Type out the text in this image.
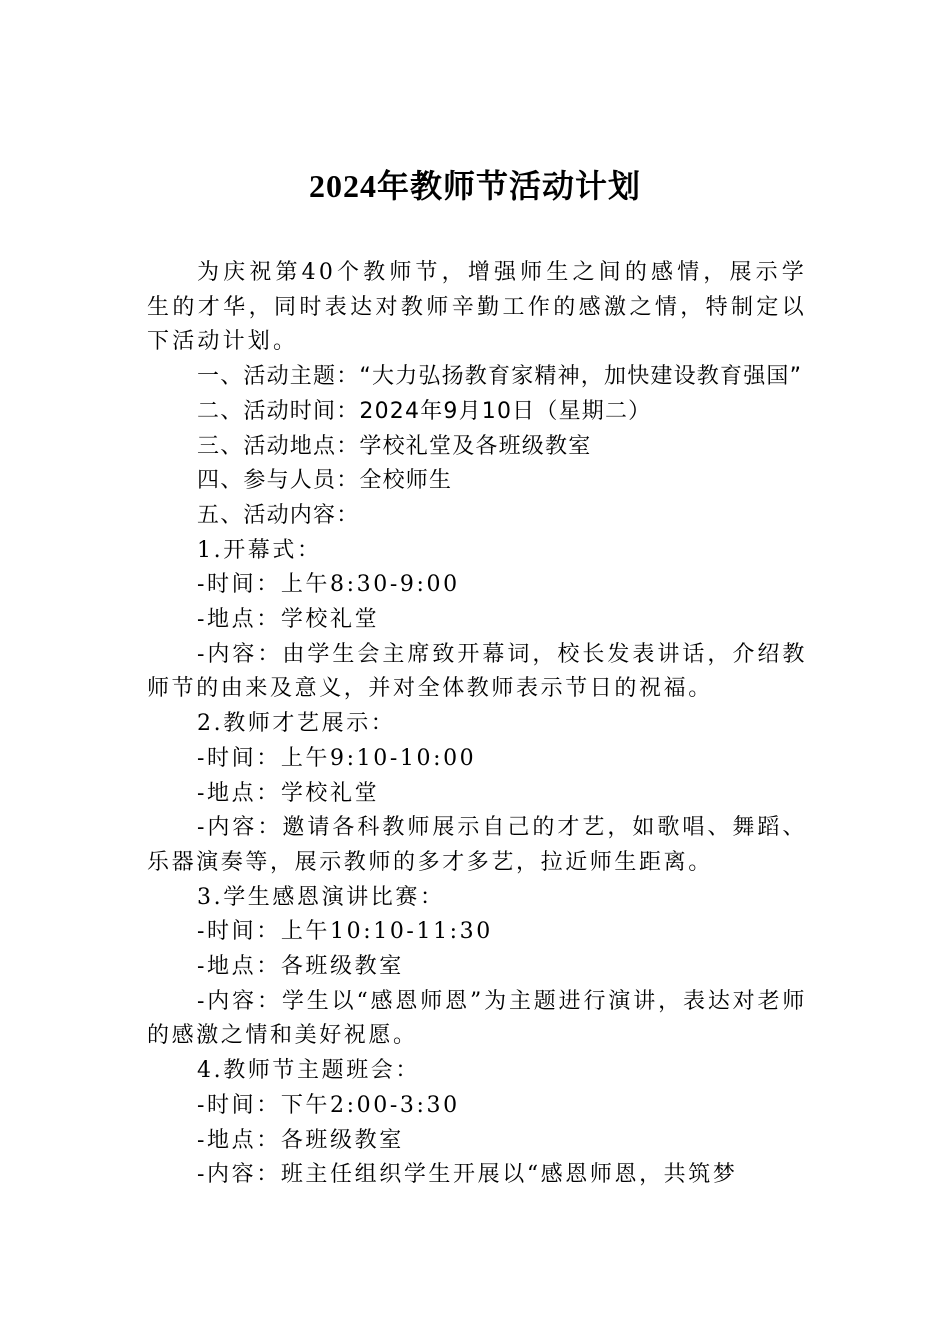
2024年教师节活动计划

为庆祝第40个教师节，增强师生之间的感情，展示学生的才华，同时表达对教师辛勤工作的感激之情，特制定以下活动计划。

一、活动主题：“大力弘扬教育家精神，加快建设教育强国”

二、活动时间：2024年9月10日（星期二）

三、活动地点：学校礼堂及各班级教室

四、参与人员：全校师生

五、活动内容：

1.开幕式：

-时间：上午8:30-9:00

-地点：学校礼堂

-内容：由学生会主席致开幕词，校长发表讲话，介绍教师节的由来及意义，并对全体教师表示节日的祝福。

2.教师才艺展示：

-时间：上午9:10-10:00

-地点：学校礼堂

-内容：邀请各科教师展示自己的才艺，如歌唱、舞蹈、乐器演奏等，展示教师的多才多艺，拉近师生距离。

3.学生感恩演讲比赛：

-时间：上午10:10-11:30

-地点：各班级教室

-内容：学生以“感恩师恩”为主题进行演讲，表达对老师的感激之情和美好祝愿。

4.教师节主题班会：

-时间：下午2:00-3:30

-地点：各班级教室

-内容：班主任组织学生开展以“感恩师恩，共筑梦
